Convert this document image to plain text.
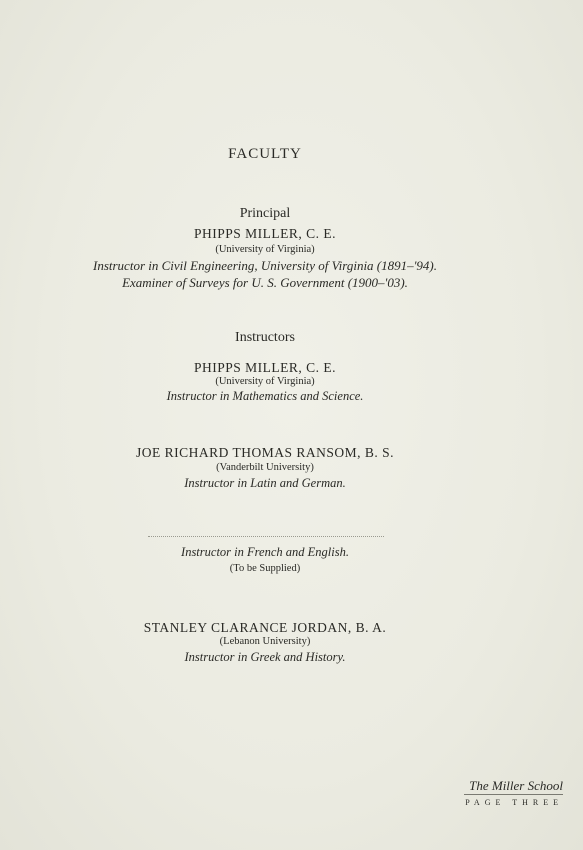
FACULTY
Principal
PHIPPS MILLER, C. E.
(University of Virginia)
Instructor in Civil Engineering, University of Virginia (1891–'94).
Examiner of Surveys for U. S. Government (1900–'03).
Instructors
PHIPPS MILLER, C. E.
(University of Virginia)
Instructor in Mathematics and Science.
JOE RICHARD THOMAS RANSOM, B. S.
(Vanderbilt University)
Instructor in Latin and German.
Instructor in French and English.
(To be Supplied)
STANLEY CLARANCE JORDAN, B. A.
(Lebanon University)
Instructor in Greek and History.
The Miller School
PAGE THREE
